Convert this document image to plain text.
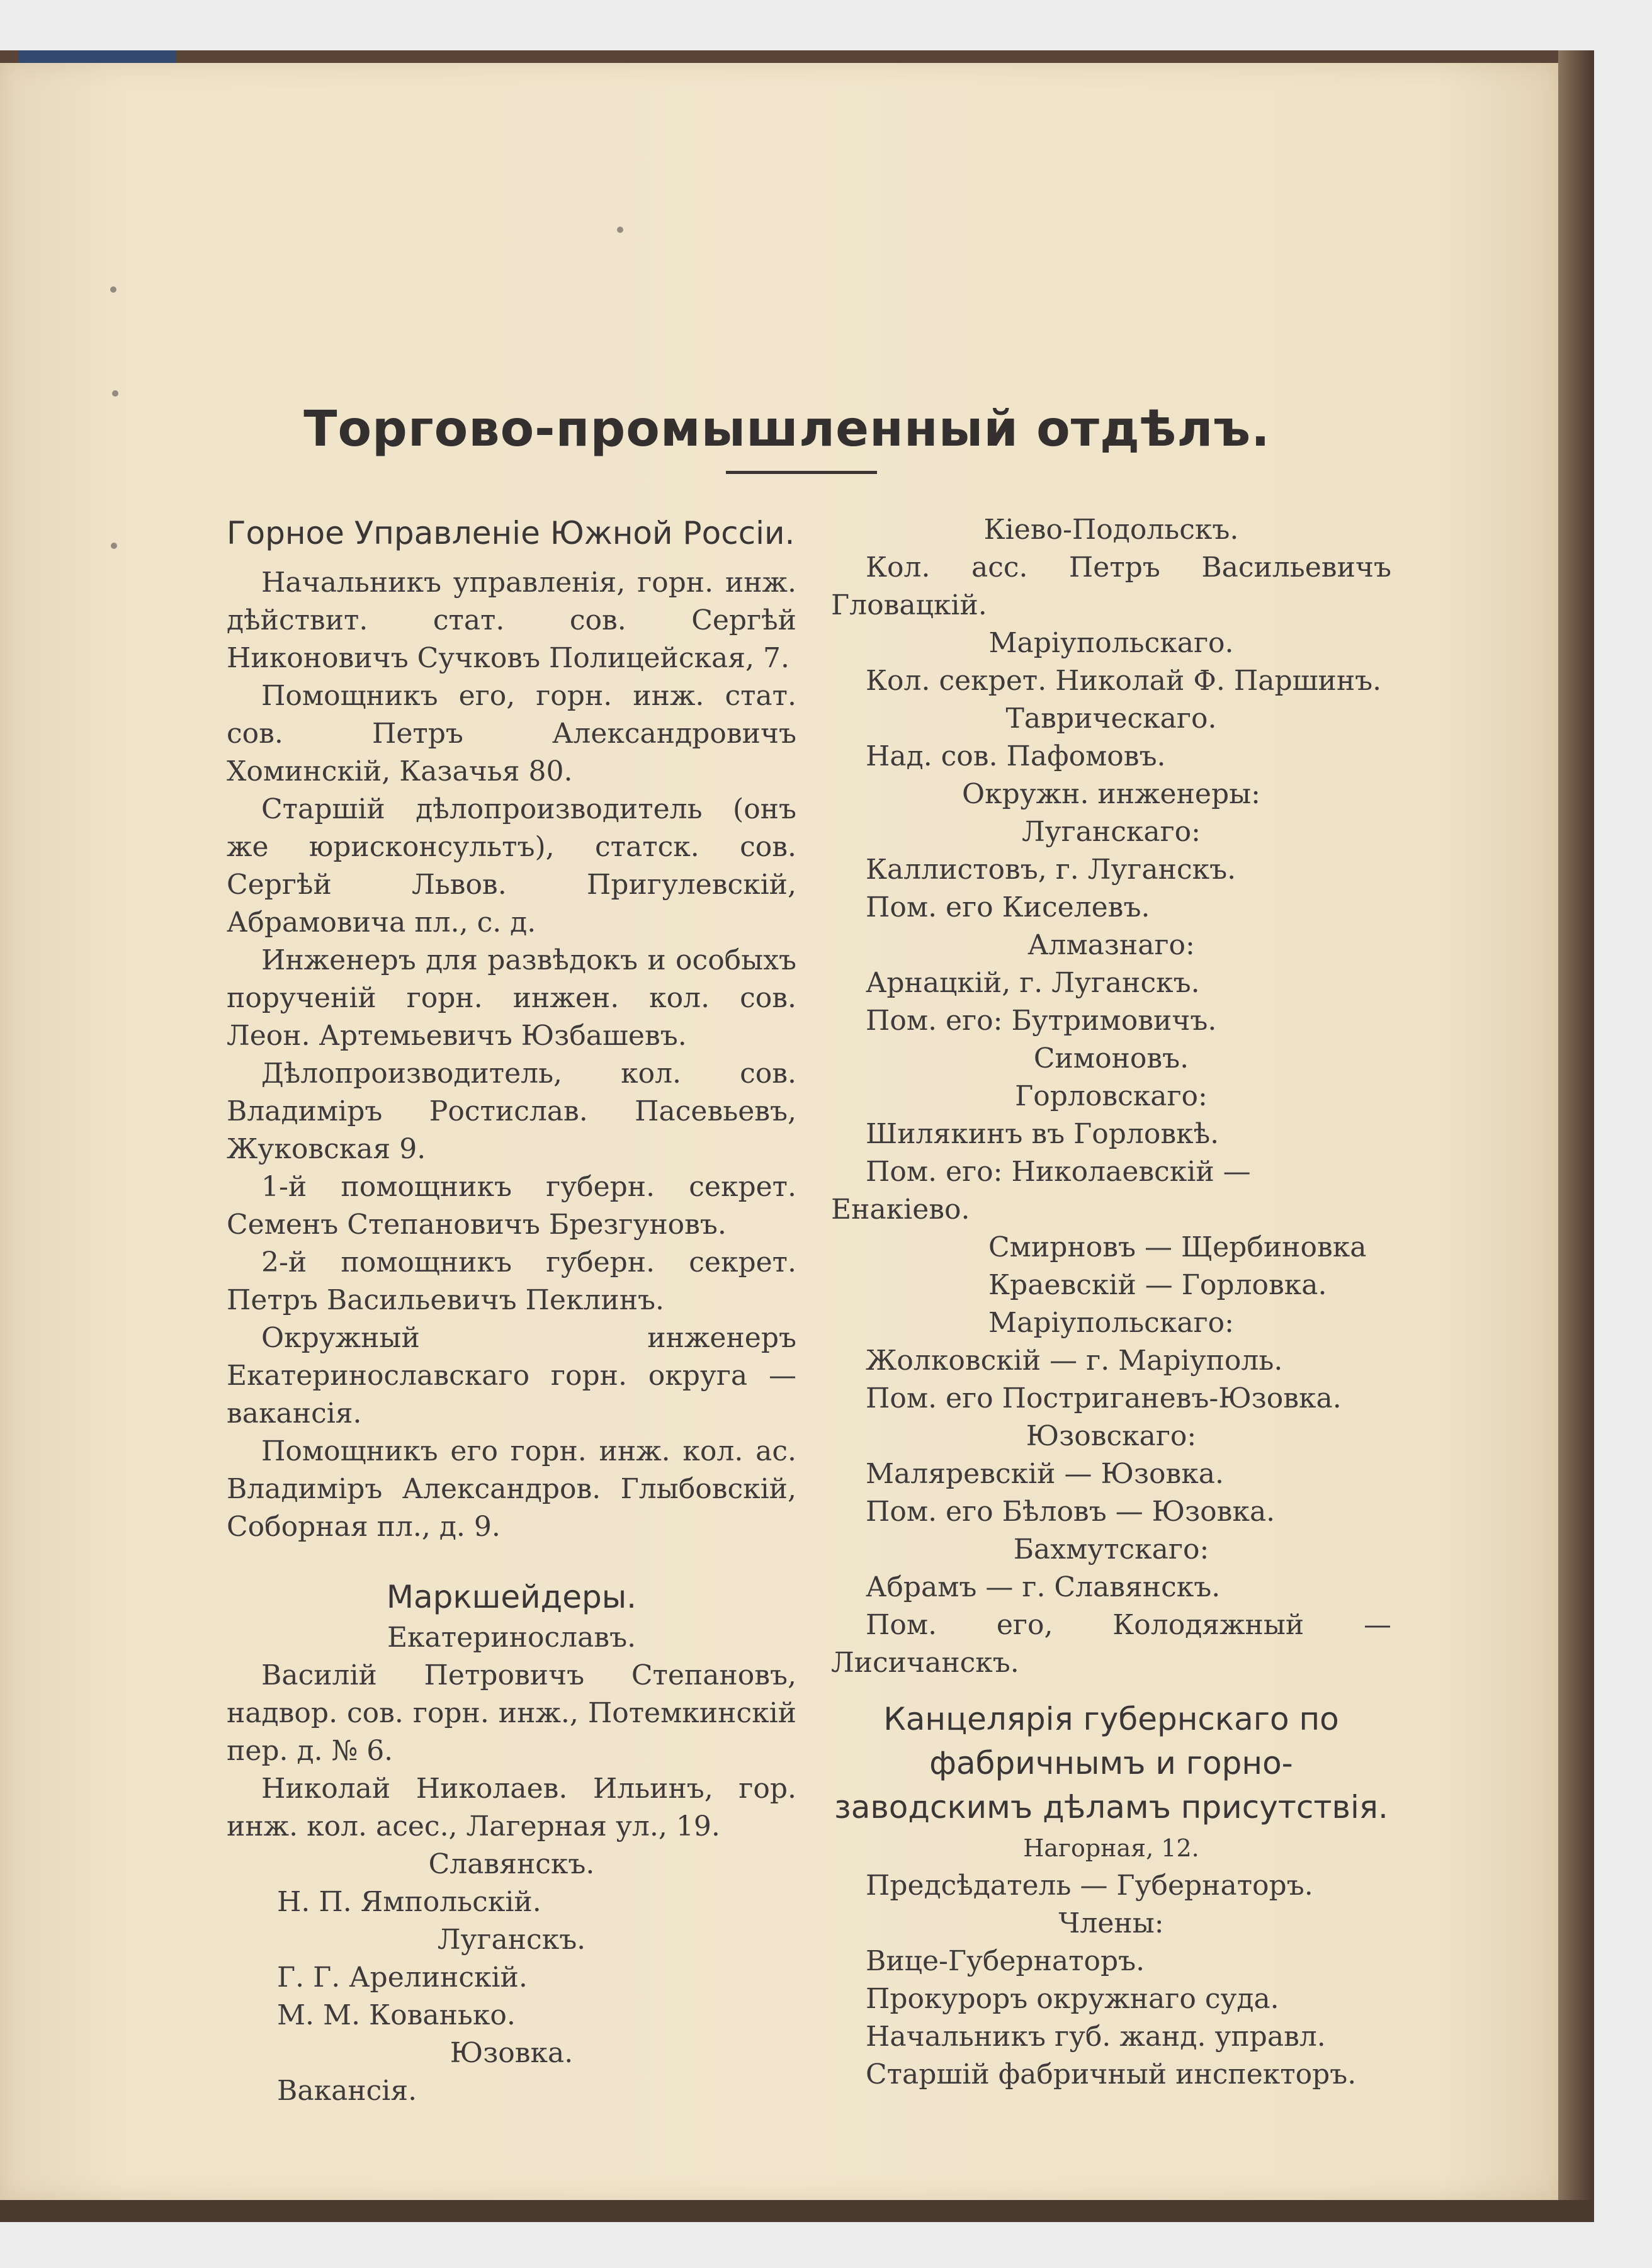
Торгово-промышленный отдѣлъ.

Горное Управленіе Южной Россіи.

Начальникъ управленія, горн. инж. дѣйствит. стат. сов. Сергѣй Никоновичъ Сучковъ Полицейская, 7.

Помощникъ его, горн. инж. стат. сов. Петръ Александровичъ Хоминскій, Казачья 80.

Старшій дѣлопроизводитель (онъ же юрисконсультъ), статск. сов. Сергѣй Львов. Пригулевскій, Абрамовича пл., с. д.

Инженеръ для развѣдокъ и особыхъ порученій горн. инжен. кол. сов. Леон. Артемьевичъ Юзбашевъ.

Дѣлопроизводитель, кол. сов. Владиміръ Ростислав. Пасевьевъ, Жуковская 9.

1-й помощникъ губерн. секрет. Семенъ Степановичъ Брезгуновъ.

2-й помощникъ губерн. секрет. Петръ Васильевичъ Пеклинъ.

Окружный инженеръ Екатеринославскаго горн. округа — вакансія.

Помощникъ его горн. инж. кол. ас. Владиміръ Александров. Глыбовскій, Соборная пл., д. 9.

Маркшейдеры.

Екатеринославъ.

Василій Петровичъ Степановъ, надвор. сов. горн. инж., Потемкинскій пер. д. № 6.

Николай Николаев. Ильинъ, гор. инж. кол. асес., Лагерная ул., 19.

Славянскъ.

Н. П. Ямпольскій.

Луганскъ.

Г. Г. Арелинскій.

М. М. Кованько.

Юзовка.

Вакансія.

Кіево-Подольскъ.

Кол. асс. Петръ Васильевичъ Гловацкій.

Маріупольскаго.

Кол. секрет. Николай Ф. Паршинъ.

Таврическаго.

Над. сов. Пафомовъ.

Окружн. инженеры:

Луганскаго:

Каллистовъ, г. Луганскъ.

Пом. его Киселевъ.

Алмазнаго:

Арнацкій, г. Луганскъ.

Пом. его: Бутримовичъ.

Симоновъ.

Горловскаго:

Шилякинъ въ Горловкѣ.

Пом. его: Николаевскій — Енакіево.

Смирновъ — Щербиновка

Краевскій — Горловка.

Маріупольскаго:

Жолковскій — г. Маріуполь.

Пом. его Постриганевъ-Юзовка.

Юзовскаго:

Маляревскій — Юзовка.

Пом. его Бѣловъ — Юзовка.

Бахмутскаго:

Абрамъ — г. Славянскъ.

Пом. его, Колодяжный — Лисичанскъ.

Канцелярія губернскаго по фабричнымъ и горно-заводскимъ дѣламъ присутствія.

Нагорная, 12.

Предсѣдатель — Губернаторъ.

Члены:

Вице-Губернаторъ.

Прокуроръ окружнаго суда.

Начальникъ губ. жанд. управл.

Старшій фабричный инспекторъ.
